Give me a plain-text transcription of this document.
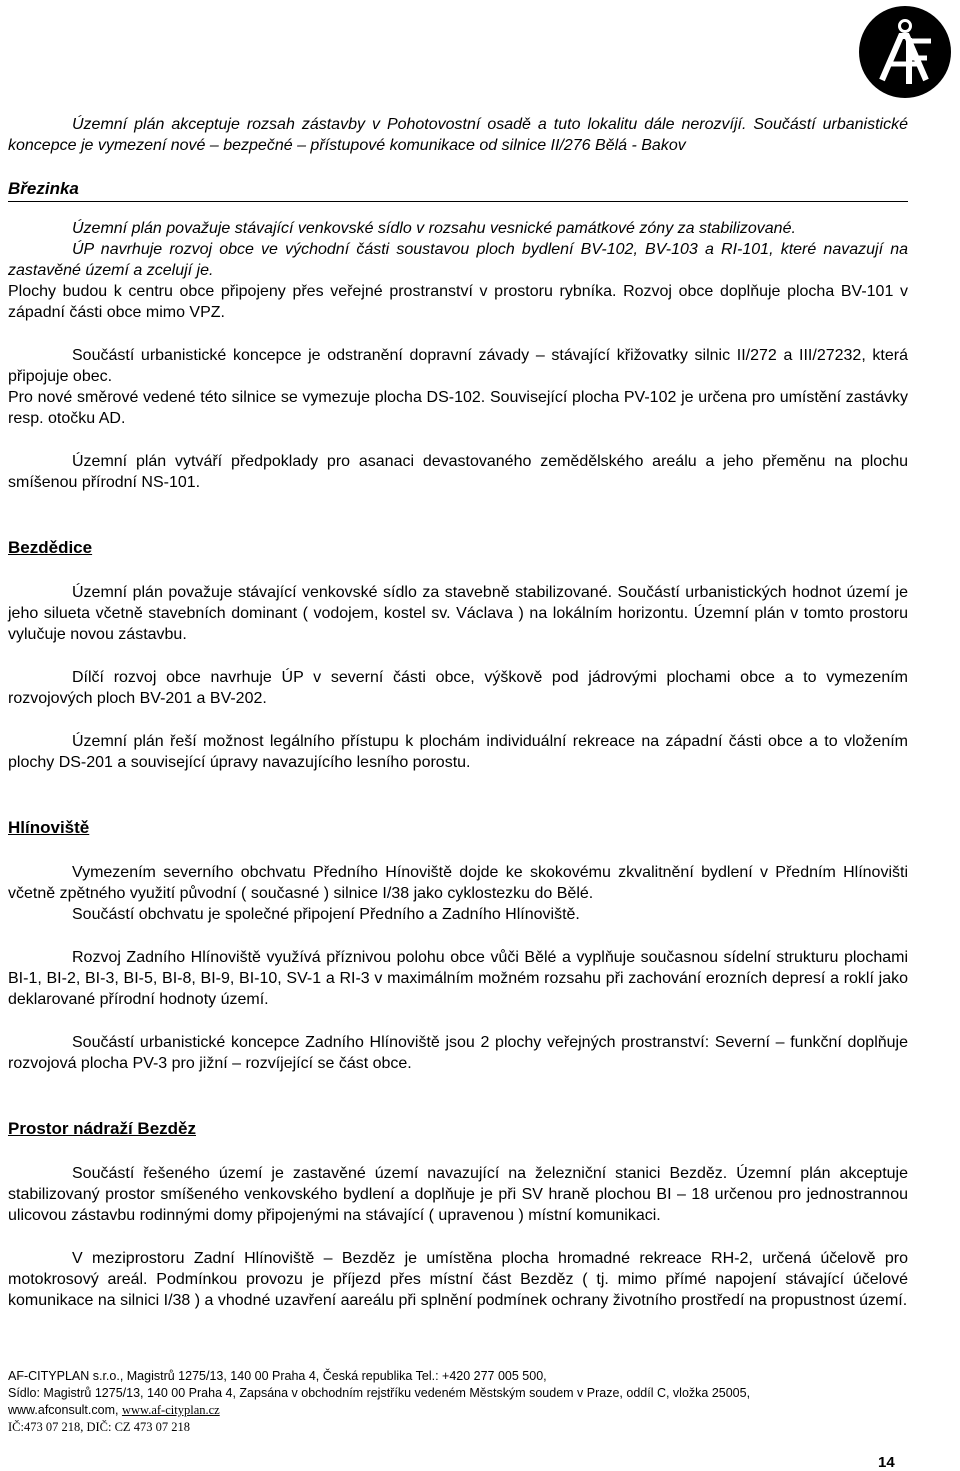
Územní plán akceptuje rozsah zástavby v Pohotovostní osadě a tuto lokalitu dále nerozvíjí. Součástí urbanistické koncepce je vymezení nové – bezpečné – přístupové komunikace od silnice II/276 Bělá - Bakov

Březinka

Územní plán považuje stávající venkovské sídlo v rozsahu vesnické památkové zóny za stabilizované.

ÚP navrhuje rozvoj obce ve východní části soustavou ploch bydlení BV-102, BV-103 a RI-101, které navazují na zastavěné území a zcelují je.

Plochy budou k centru obce připojeny přes veřejné prostranství v prostoru rybníka. Rozvoj obce doplňuje plocha BV-101 v západní části obce mimo VPZ.

Součástí urbanistické koncepce je odstranění dopravní závady – stávající křižovatky silnic II/272 a III/27232, která připojuje obec.

Pro nové směrové vedené této silnice se vymezuje plocha DS-102. Související plocha PV-102 je určena pro umístění zastávky resp. otočku AD.

Územní plán vytváří předpoklady pro asanaci devastovaného zemědělského areálu a jeho přeměnu na plochu smíšenou přírodní NS-101.

Bezdědice

Územní plán považuje stávající venkovské sídlo za stavebně stabilizované. Součástí urbanistických hodnot území je jeho silueta včetně stavebních dominant ( vodojem, kostel sv. Václava ) na lokálním horizontu. Územní plán v tomto prostoru vylučuje novou zástavbu.

Dílčí rozvoj obce navrhuje ÚP v severní části obce, výškově pod jádrovými plochami obce a to vymezením rozvojových ploch BV-201 a BV-202.

Územní plán řeší možnost legálního přístupu k plochám individuální rekreace na západní části obce a to vložením plochy DS-201 a související úpravy navazujícího lesního porostu.

Hlínoviště

Vymezením severního obchvatu Předního Hínoviště dojde ke skokovému zkvalitnění bydlení v Předním Hlínovišti včetně zpětného využití původní ( současné ) silnice I/38 jako cyklostezku do Bělé.

Součástí obchvatu je společné připojení Předního a Zadního Hlínoviště.

Rozvoj Zadního Hlínoviště využívá příznivou polohu obce vůči Bělé a vyplňuje současnou sídelní strukturu plochami BI-1, BI-2, BI-3, BI-5, BI-8, BI-9, BI-10, SV-1 a RI-3 v maximálním možném rozsahu při zachování erozních depresí a roklí jako deklarované přírodní hodnoty území.

Součástí urbanistické koncepce Zadního Hlínoviště jsou 2 plochy veřejných prostranství: Severní – funkční doplňuje rozvojová plocha PV-3 pro jižní – rozvíjející se část obce.

Prostor nádraží Bezděz

Součástí řešeného území je zastavěné území navazující na železniční stanici Bezděz. Územní plán akceptuje stabilizovaný prostor smíšeného venkovského bydlení a doplňuje je při SV hraně plochou BI – 18 určenou pro jednostrannou ulicovou zástavbu rodinnými domy připojenými na stávající ( upravenou ) místní komunikaci.

V meziprostoru Zadní Hlínoviště – Bezděz je umístěna plocha hromadné rekreace RH-2, určená účelově pro motokrosový areál. Podmínkou provozu je příjezd přes místní část Bezděz ( tj. mimo přímé napojení stávající účelové komunikace na silnici I/38 ) a vhodné uzavření aareálu při splnění podmínek ochrany životního prostředí na propustnost území.

AF-CITYPLAN s.r.o., Magistrů 1275/13, 140 00 Praha 4, Česká republika Tel.: +420 277 005 500,
Sídlo: Magistrů 1275/13, 140 00 Praha 4, Zapsána v obchodním rejstříku vedeném Městským soudem v Praze, oddíl C, vložka 25005,
www.afconsult.com, www.af-cityplan.cz
IČ:473 07 218, DIČ: CZ 473 07 218
14
